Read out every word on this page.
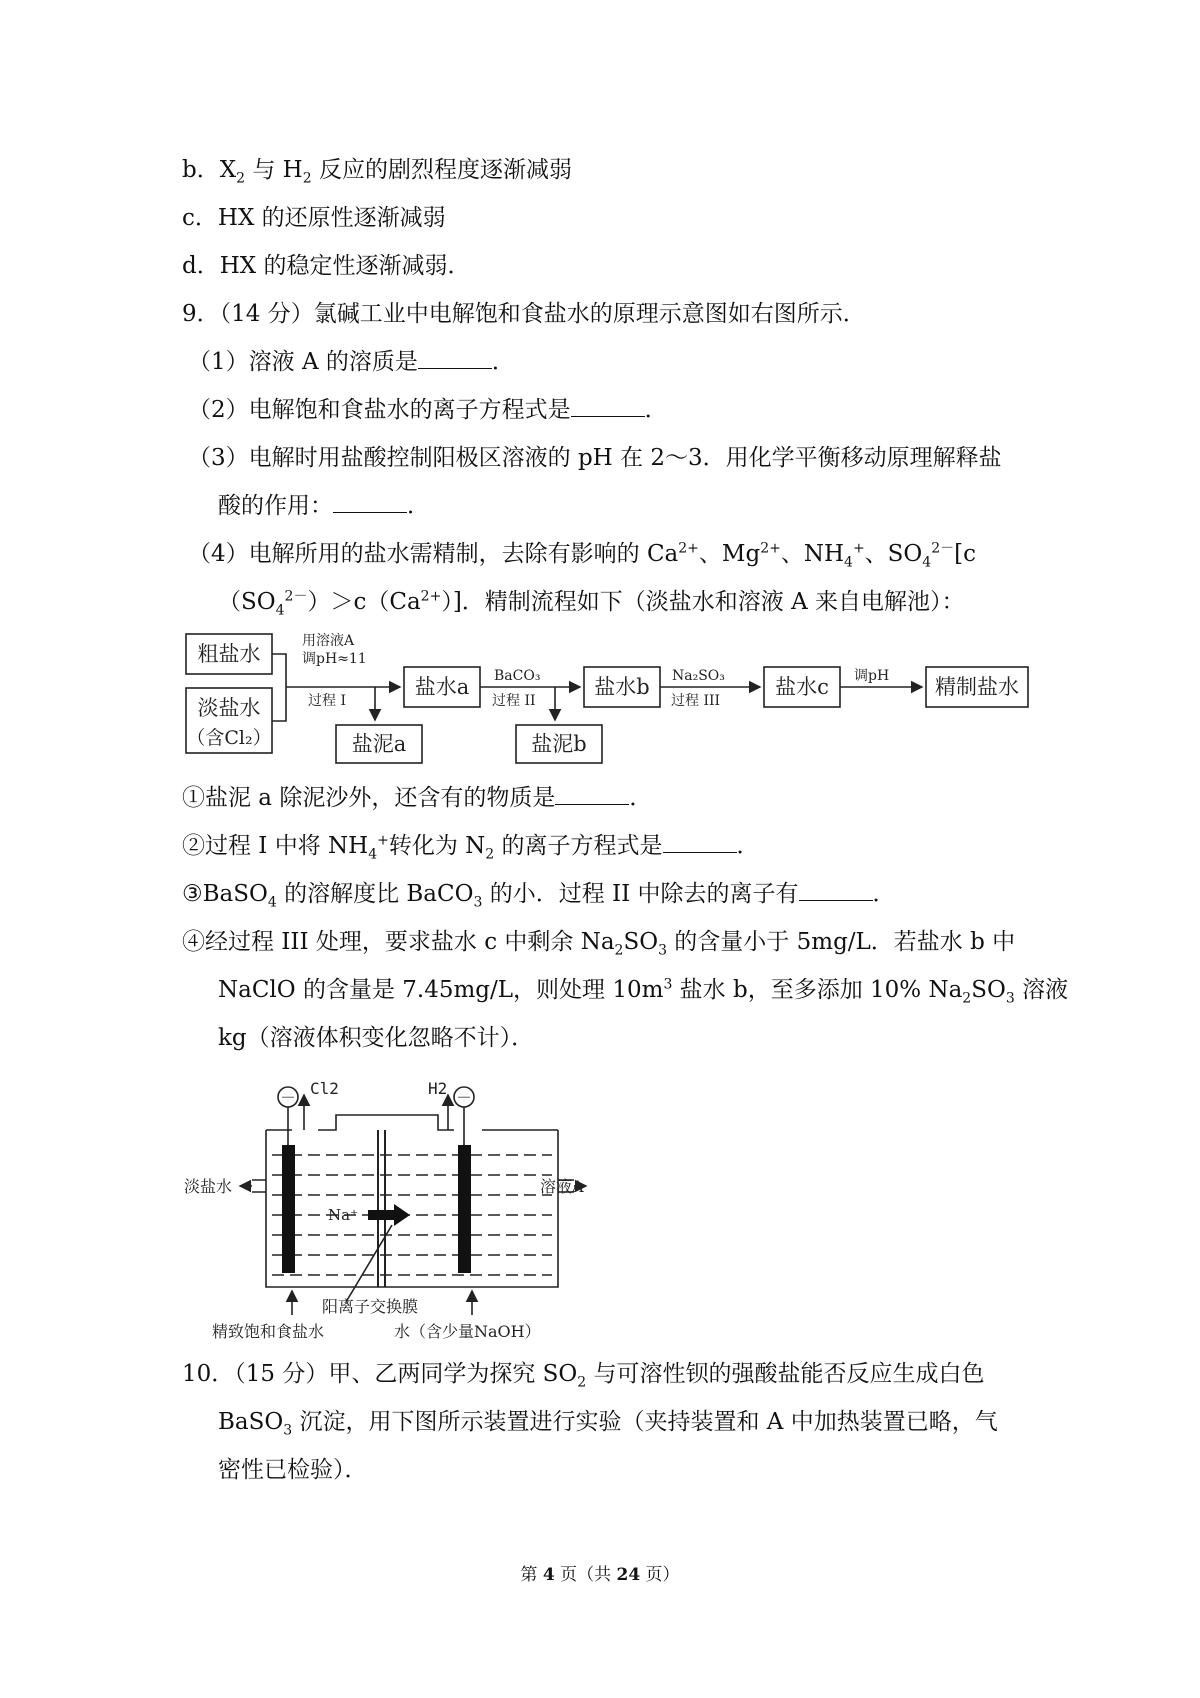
b．$X_2$ 与 $H_2$ 反应的剧烈程度逐渐减弱
c．HX 的还原性逐渐减弱
d．HX 的稳定性逐渐减弱．
9．（14 分）氯碱工业中电解饱和食盐水的原理示意图如右图所示．
（1）溶液 A 的溶质是	．
（2）电解饱和食盐水的离子方程式是	．
（3）电解时用盐酸控制阳极区溶液的 pH 在 2～3．用化学平衡移动原理解释盐
酸的作用：	．
（4）电解所用的盐水需精制，去除有影响的 $Ca^{2+}$、$Mg^{2+}$、$NH_4^+$、$SO_4^{2-}[c$
$(SO_4^{2-})>c(Ca^{2+})$]．精制流程如下（淡盐水和溶液 A 来自电解池）：
粗盐水
淡盐水
（含Cl₂）
用溶液A
调pH≈11
过程 I
盐水a
盐泥a
BaCO₃
过程 II
盐水b
盐泥b
Na₂SO₃
过程 III
盐水c 调pH 精制盐水
①盐泥 a 除泥沙外，还含有的物质是	．
②过程 I 中将 $NH_4^+$转化为 $N_2$ 的离子方程式是	．
③BaSO$_4$ 的溶解度比 BaCO$_3$ 的小．过程 II 中除去的离子有	．
④经过程 III 处理，要求盐水 c 中剩余 $Na_2SO_3$ 的含量小于 5mg/L．若盐水 b 中
NaClO 的含量是 7.45mg/L，则处理 $10m^3$ 盐水 b，至多添加 10% $Na_2SO_3$ 溶液
kg（溶液体积变化忽略不计）．
－	－
Cl2	H2
淡盐水	溶液A
Na⁺
阳离子交换膜
精致饱和食盐水	水（含少量NaOH）
10．（15 分）甲、乙两同学为探究 $SO_2$ 与可溶性钡的强酸盐能否反应生成白色
BaSO$_3$ 沉淀，用下图所示装置进行实验（夹持装置和 A 中加热装置已略，气
密性已检验）．
第 4 页（共 24 页）
